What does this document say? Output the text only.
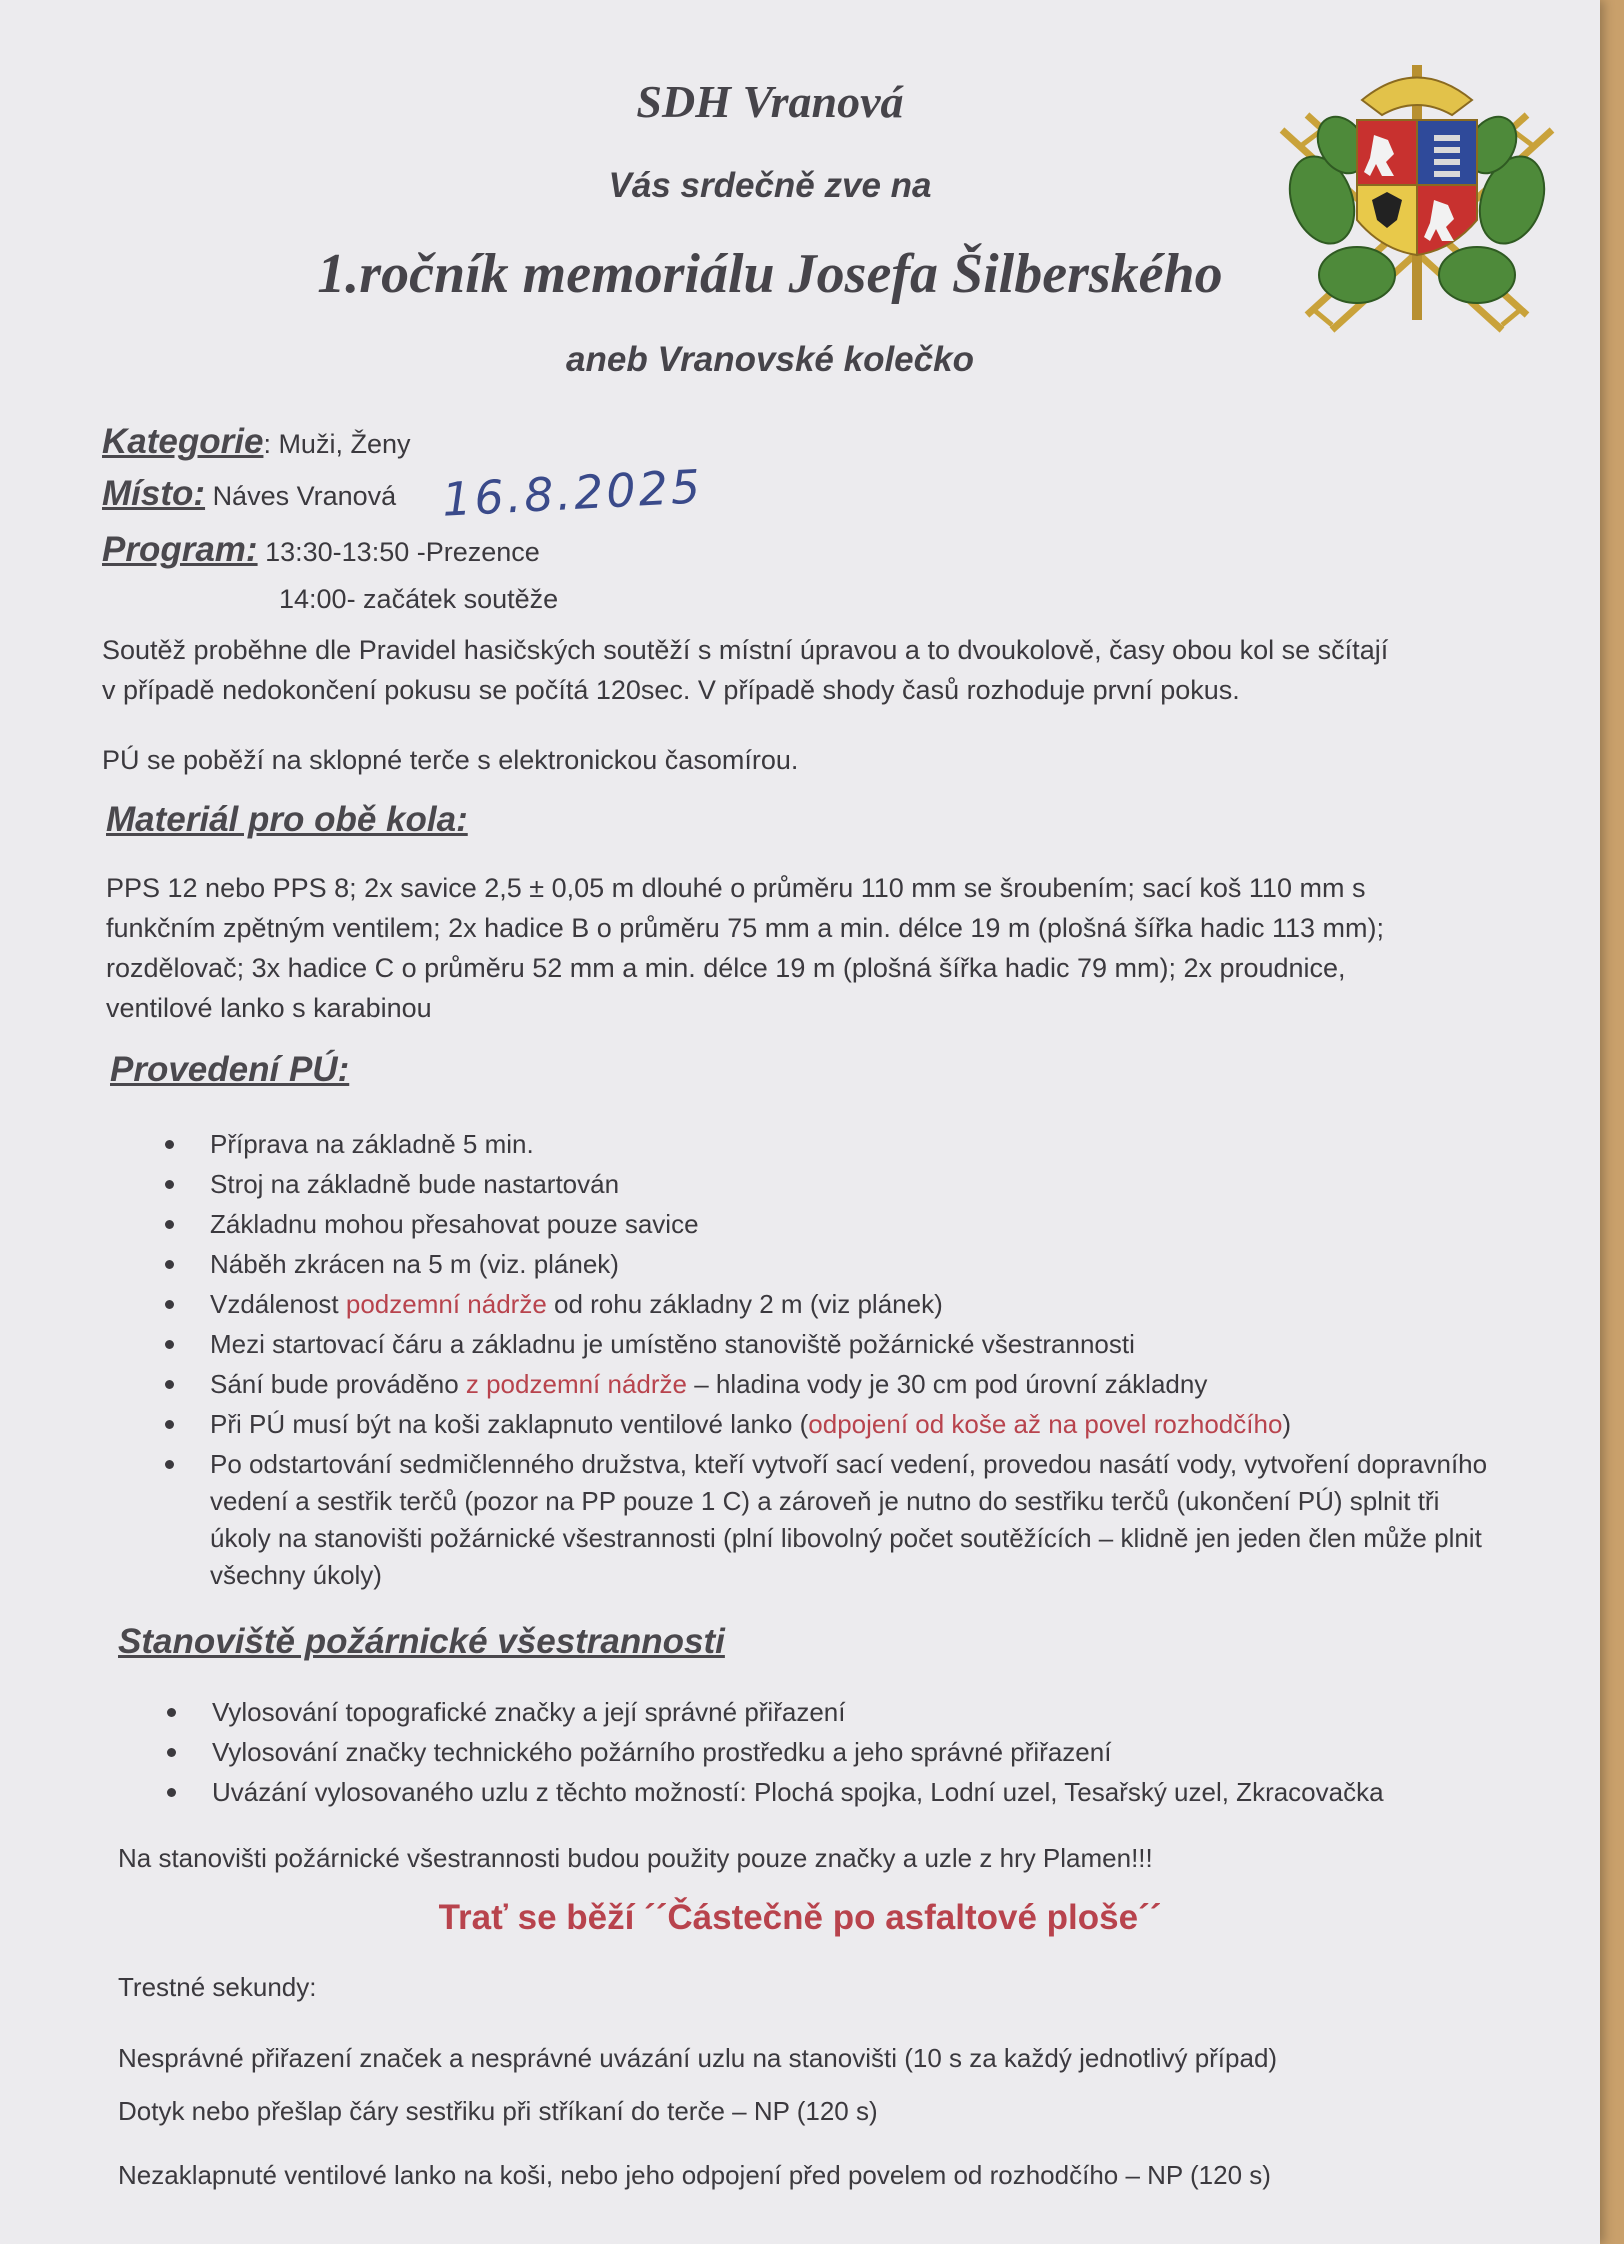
SDH Vranová
Vás srdečně zve na
1.ročník memoriálu Josefa Šilberského
aneb Vranovské kolečko
Kategorie: Muži, Ženy
Místo: Náves Vranová 16.8.2025
Program: 13:30-13:50 -Prezence
14:00- začátek soutěže
Soutěž proběhne dle Pravidel hasičských soutěží s místní úpravou a to dvoukolově, časy obou kol se sčítají
v případě nedokončení pokusu se počítá 120sec. V případě shody časů rozhoduje první pokus.
PÚ se poběží na sklopné terče s elektronickou časomírou.
Materiál pro obě kola:
PPS 12 nebo PPS 8; 2x savice 2,5 ± 0,05 m dlouhé o průměru 110 mm se šroubením; sací koš 110 mm s
funkčním zpětným ventilem; 2x hadice B o průměru 75 mm a min. délce 19 m (plošná šířka hadic 113 mm);
rozdělovač; 3x hadice C o průměru 52 mm a min. délce 19 m (plošná šířka hadic 79 mm); 2x proudnice,
ventilové lanko s karabinou
Provedení PÚ:
Příprava na základně 5 min.
Stroj na základně bude nastartován
Základnu mohou přesahovat pouze savice
Náběh zkrácen na 5 m (viz. plánek)
Vzdálenost podzemní nádrže od rohu základny 2 m (viz plánek)
Mezi startovací čáru a základnu je umístěno stanoviště požárnické všestrannosti
Sání bude prováděno z podzemní nádrže – hladina vody je 30 cm pod úrovní základny
Při PÚ musí být na koši zaklapnuto ventilové lanko (odpojení od koše až na povel rozhodčího)
Po odstartování sedmičlenného družstva, kteří vytvoří sací vedení, provedou nasátí vody, vytvoření dopravního vedení a sestřik terčů (pozor na PP pouze 1 C) a zároveň je nutno do sestřiku terčů (ukončení PÚ) splnit tři úkoly na stanovišti požárnické všestrannosti (plní libovolný počet soutěžících – klidně jen jeden člen může plnit všechny úkoly)
Stanoviště požárnické všestrannosti
Vylosování topografické značky a její správné přiřazení
Vylosování značky technického požárního prostředku a jeho správné přiřazení
Uvázání vylosovaného uzlu z těchto možností: Plochá spojka, Lodní uzel, Tesařský uzel, Zkracovačka
Na stanovišti požárnické všestrannosti budou použity pouze značky a uzle z hry Plamen!!!
Trať se běží ´´Částečně po asfaltové ploše´´
Trestné sekundy:
Nesprávné přiřazení značek a nesprávné uvázání uzlu na stanovišti (10 s za každý jednotlivý případ)
Dotyk nebo přešlap čáry sestřiku při stříkaní do terče – NP (120 s)
Nezaklapnuté ventilové lanko na koši, nebo jeho odpojení před povelem od rozhodčího – NP (120 s)
